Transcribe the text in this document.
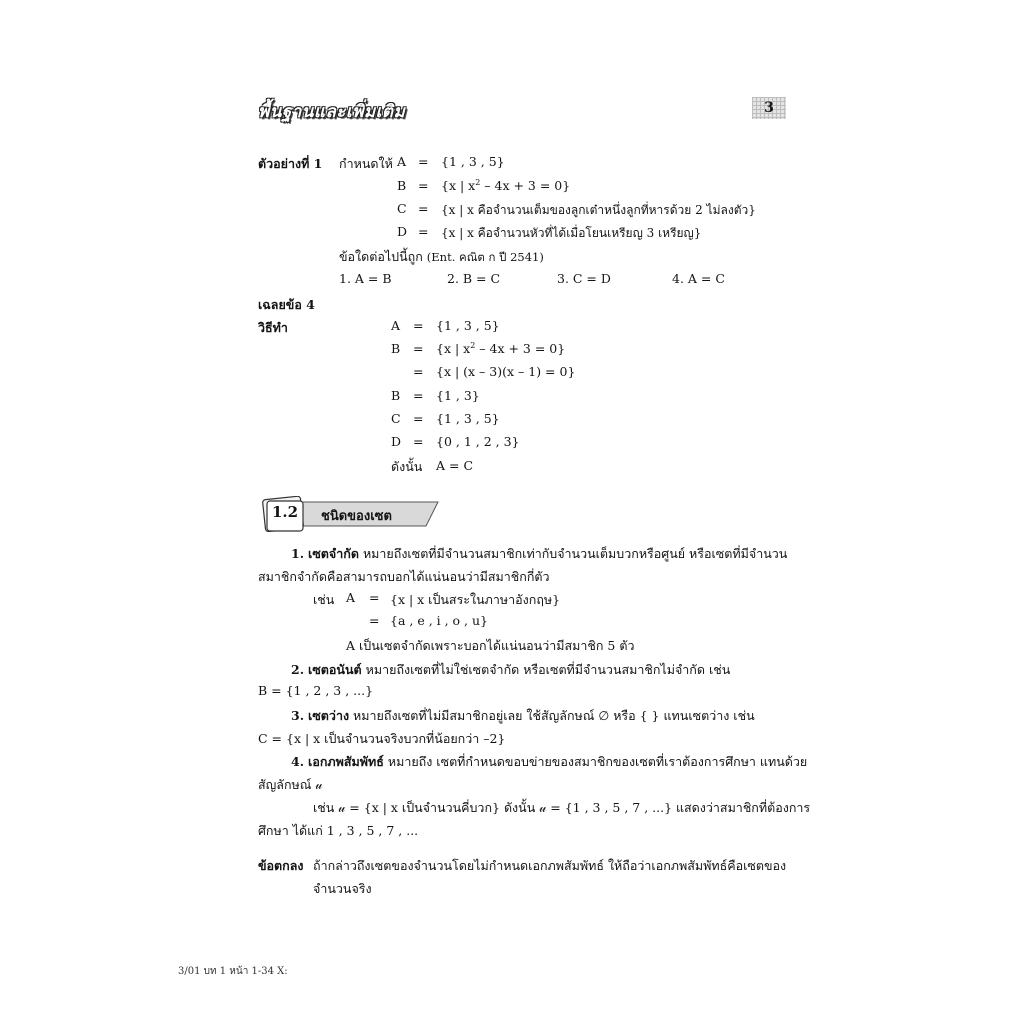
พื้นฐานและเพิ่มเติม	3
ตัวอย่างที่ 1 กำหนดให้ A = {1 , 3 , 5}
B = {x | $x^2 - 4x + 3 = 0$}
C = {x | x คือจำนวนเต็มของลูกเต๋าหนึ่งลูกที่หารด้วย 2 ไม่ลงตัว}
D = {x | x คือจำนวนหัวที่ได้เมื่อโยนเหรียญ 3 เหรียญ}
ข้อใดต่อไปนี้ถูก (Ent. คณิต ก ปี 2541)
1. A = B	2. B = C	3. C = D	4. A = C
เฉลยข้อ 4
วิธีทำ	A = {1 , 3 , 5}
B = {x | $x^2 - 4x + 3 = 0$}
= {x | (x – 3)(x – 1) = 0}
B = {1 , 3}
C = {1 , 3 , 5}
D = {0 , 1 , 2 , 3}
ดังนั้น A = C
1.2 ชนิดของเซต
1. เซตจำกัด หมายถึงเซตที่มีจำนวนสมาชิกเท่ากับจำนวนเต็มบวกหรือศูนย์ หรือเซตที่มีจำนวน
สมาชิกจำกัดคือสามารถบอกได้แน่นอนว่ามีสมาชิกกี่ตัว
เช่น A = {x | x เป็นสระในภาษาอังกฤษ}
= {a , e , i , o , u}
A เป็นเซตจำกัดเพราะบอกได้แน่นอนว่ามีสมาชิก 5 ตัว
2. เซตอนันต์ หมายถึงเซตที่ไม่ใช่เซตจำกัด หรือเซตที่มีจำนวนสมาชิกไม่จำกัด เช่น
B = {1 , 2 , 3 , ...}
3. เซตว่าง หมายถึงเซตที่ไม่มีสมาชิกอยู่เลย ใช้สัญลักษณ์ ∅ หรือ { } แทนเซตว่าง เช่น
C = {x | x เป็นจำนวนจริงบวกที่น้อยกว่า –2}
4. เอกภพสัมพัทธ์ หมายถึง เซตที่กำหนดขอบข่ายของสมาชิกของเซตที่เราต้องการศึกษา แทนด้วย
สัญลักษณ์ 𝓊
เช่น 𝓊 = {x | x เป็นจำนวนคี่บวก} ดังนั้น 𝓊 = {1 , 3 , 5 , 7 , ...} แสดงว่าสมาชิกที่ต้องการ
ศึกษา ได้แก่ 1 , 3 , 5 , 7 , ...
ข้อตกลง ถ้ากล่าวถึงเซตของจำนวนโดยไม่กำหนดเอกภพสัมพัทธ์ ให้ถือว่าเอกภพสัมพัทธ์คือเซตของ
จำนวนจริง
3/01 บท 1 หน้า 1-34 X:
